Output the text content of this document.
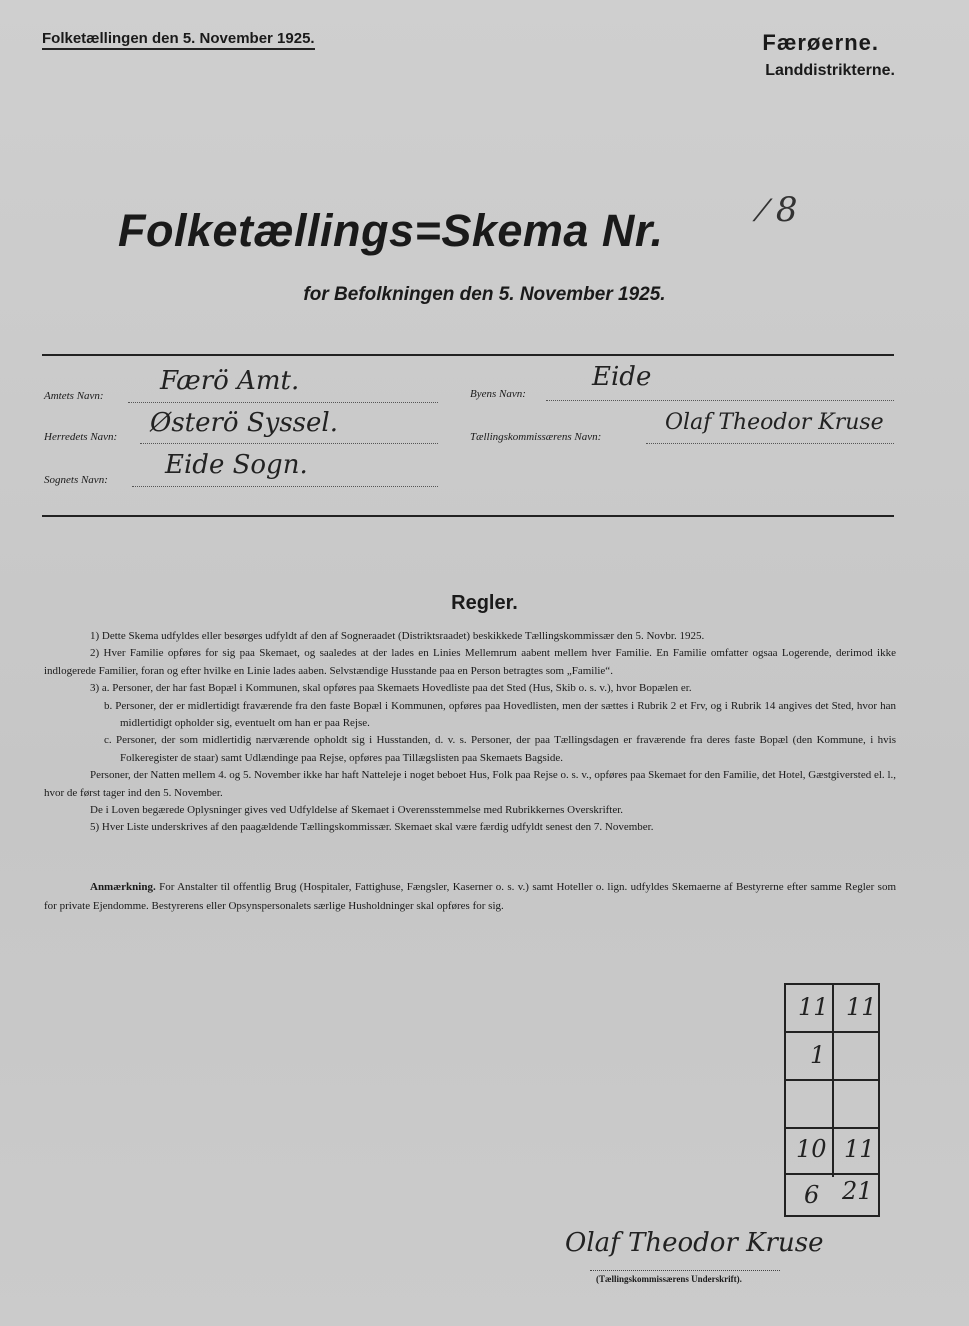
Folketællingen den 5. November 1925.	Færøerne.
Landdistrikterne.
Folketællings=Skema Nr.	⁄ 8
for Befolkningen den 5. November 1925.
Amtets Navn: Færö Amt.
Herredets Navn: Østerö Syssel.
Sognets Navn: Eide Sogn.
Byens Navn:
Eide
Tællingskommissærens Navn:
Olaf Theodor Kruse
Regler.

1) Dette Skema udfyldes eller besørges udfyldt af den af Sogneraadet (Distriktsraadet) beskikkede Tællingskommissær den 5. Novbr. 1925.

2) Hver Familie opføres for sig paa Skemaet, og saaledes at der lades en Linies Mellemrum aabent mellem hver Familie. En Familie omfatter ogsaa Logerende, derimod ikke indlogerede Familier, foran og efter hvilke en Linie lades aaben. Selvstændige Husstande paa en Person betragtes som „Familie“.

3) a. Personer, der har fast Bopæl i Kommunen, skal opføres paa Skemaets Hovedliste paa det Sted (Hus, Skib o. s. v.), hvor Bopælen er.

b. Personer, der er midlertidigt fraværende fra den faste Bopæl i Kommunen, opføres paa Hovedlisten, men der sættes i Rubrik 2 et Frv, og i Rubrik 14 angives det Sted, hvor han midlertidigt opholder sig, eventuelt om han er paa Rejse.

c. Personer, der som midlertidig nærværende opholdt sig i Husstanden, d. v. s. Personer, der paa Tællingsdagen er fraværende fra deres faste Bopæl (den Kommune, i hvis Folkeregister de staar) samt Udlændinge paa Rejse, opføres paa Tillægslisten paa Skemaets Bagside.

Personer, der Natten mellem 4. og 5. November ikke har haft Natteleje i noget beboet Hus, Folk paa Rejse o. s. v., opføres paa Skemaet for den Familie, det Hotel, Gæstgiversted el. l., hvor de først tager ind den 5. November.

De i Loven begærede Oplysninger gives ved Udfyldelse af Skemaet i Overensstemmelse med Rubrikkernes Overskrifter.

5) Hver Liste underskrives af den paagældende Tællingskommissær. Skemaet skal være færdig udfyldt senest den 7. November.

Anmærkning. For Anstalter til offentlig Brug (Hospitaler, Fattighuse, Fængsler, Kaserner o. s. v.) samt Hoteller o. lign. udfyldes Skemaerne af Bestyrerne efter samme Regler som for private Ejendomme. Bestyrerens eller Opsynspersonalets særlige Husholdninger skal opføres for sig.
11 11
1
10 11
6 21
Olaf Theodor Kruse
(Tællingskommissærens Underskrift).
